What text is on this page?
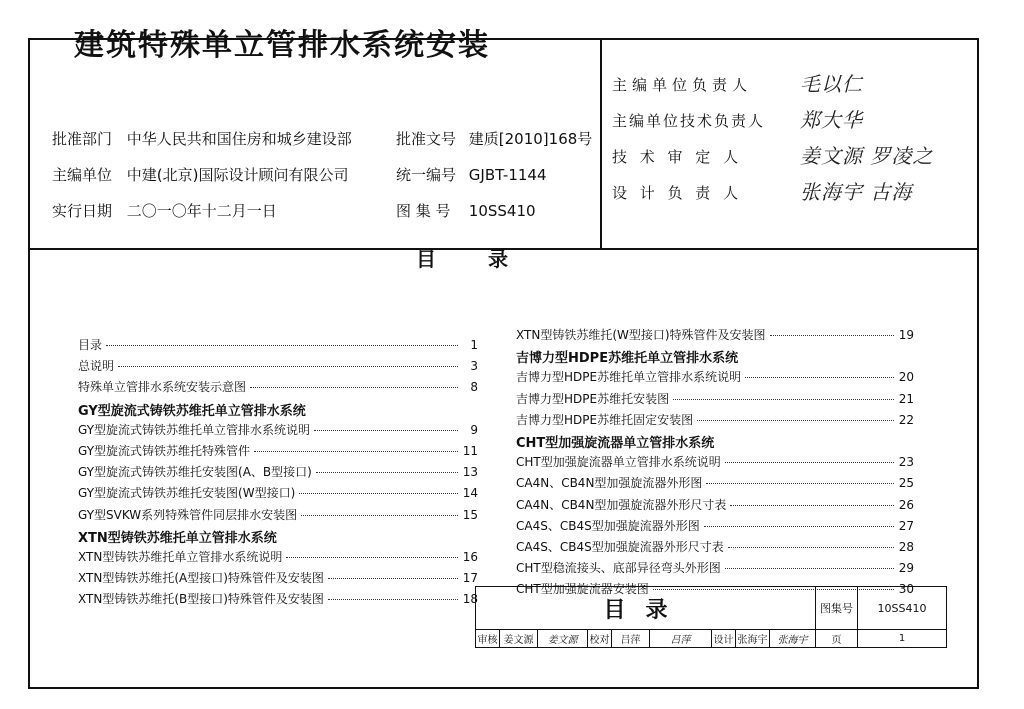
建筑特殊单立管排水系统安装
批准部门 中华人民共和国住房和城乡建设部
主编单位 中建(北京)国际设计顾问有限公司
实行日期 二〇一〇年十二月一日
批准文号 建质[2010]168号
统一编号 GJBT-1144
图 集 号 10SS410
主编单位负责人 毛以仁
主编单位技术负责人 郑大华
技 术 审 定 人	姜文源 罗凌之
设 计 负 责 人	张海宇 古海
目 录
目录	1
总说明	3
特殊单立管排水系统安装示意图	8
GY型旋流式铸铁苏维托单立管排水系统
GY型旋流式铸铁苏维托单立管排水系统说明	9
GY型旋流式铸铁苏维托特殊管件	11
GY型旋流式铸铁苏维托安装图(A、B型接口)	13
GY型旋流式铸铁苏维托安装图(W型接口)	14
GY型SVKW系列特殊管件同层排水安装图	15
XTN型铸铁苏维托单立管排水系统
XTN型铸铁苏维托单立管排水系统说明	16
XTN型铸铁苏维托(A型接口)特殊管件及安装图	17
XTN型铸铁苏维托(B型接口)特殊管件及安装图	18
XTN型铸铁苏维托(W型接口)特殊管件及安装图	19
吉博力型HDPE苏维托单立管排水系统
吉博力型HDPE苏维托单立管排水系统说明	20
吉博力型HDPE苏维托安装图	21
吉博力型HDPE苏维托固定安装图	22
CHT型加强旋流器单立管排水系统
CHT型加强旋流器单立管排水系统说明	23
CA4N、CB4N型加强旋流器外形图	25
CA4N、CB4N型加强旋流器外形尺寸表	26
CA4S、CB4S型加强旋流器外形图	27
CA4S、CB4S型加强旋流器外形尺寸表	28
CHT型稳流接头、底部异径弯头外形图	29
CHT型加强旋流器安装图	30
目录	图集号 10SS410
审核 姜文源	姜文源	校对	吕萍	吕萍	设计 张海宇	张海宇	页	1
